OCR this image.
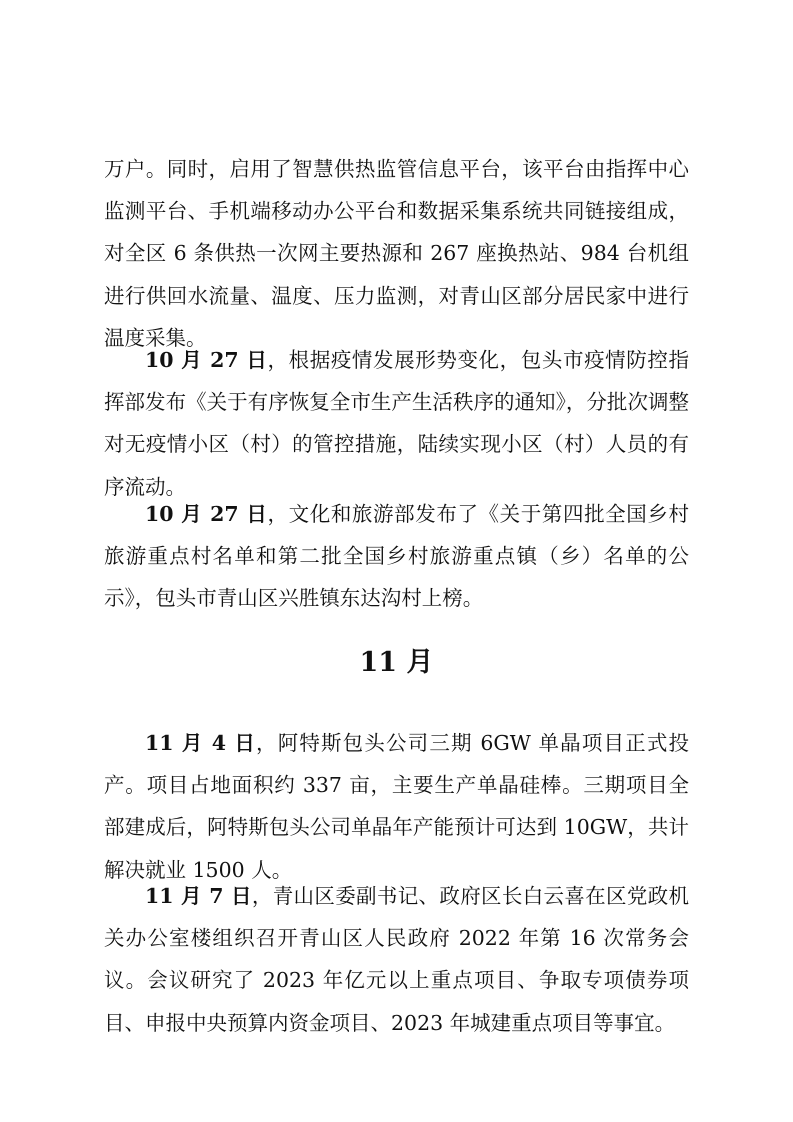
万户。同时，启用了智慧供热监管信息平台，该平台由指挥中心监测平台、手机端移动办公平台和数据采集系统共同链接组成，对全区 6 条供热一次网主要热源和 267 座换热站、984 台机组进行供回水流量、温度、压力监测，对青山区部分居民家中进行温度采集。

10 月 27 日，根据疫情发展形势变化，包头市疫情防控指挥部发布《关于有序恢复全市生产生活秩序的通知》，分批次调整对无疫情小区（村）的管控措施，陆续实现小区（村）人员的有序流动。

10 月 27 日，文化和旅游部发布了《关于第四批全国乡村旅游重点村名单和第二批全国乡村旅游重点镇（乡）名单的公示》，包头市青山区兴胜镇东达沟村上榜。

11 月

11 月 4 日，阿特斯包头公司三期 6GW 单晶项目正式投产。项目占地面积约 337 亩，主要生产单晶硅棒。三期项目全部建成后，阿特斯包头公司单晶年产能预计可达到 10GW，共计解决就业 1500 人。

11 月 7 日，青山区委副书记、政府区长白云喜在区党政机关办公室楼组织召开青山区人民政府 2022 年第 16 次常务会议。会议研究了 2023 年亿元以上重点项目、争取专项债券项目、申报中央预算内资金项目、2023 年城建重点项目等事宜。
